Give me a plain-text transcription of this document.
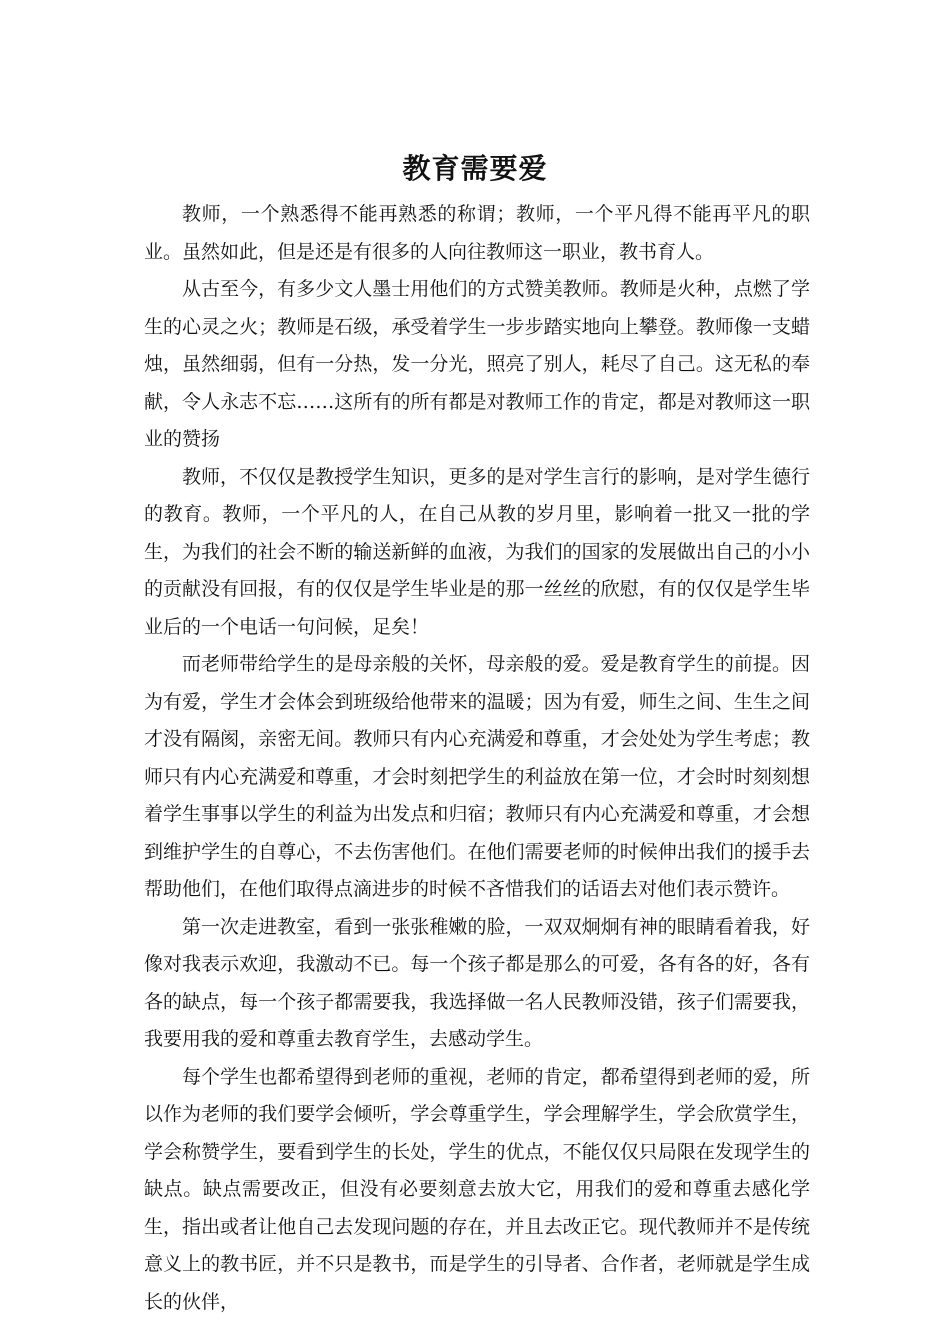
教育需要爱

教师，一个熟悉得不能再熟悉的称谓；教师，一个平凡得不能再平凡的职业。虽然如此，但是还是有很多的人向往教师这一职业，教书育人。

从古至今，有多少文人墨士用他们的方式赞美教师。教师是火种，点燃了学生的心灵之火；教师是石级，承受着学生一步步踏实地向上攀登。教师像一支蜡烛，虽然细弱，但有一分热，发一分光，照亮了别人，耗尽了自己。这无私的奉献，令人永志不忘……这所有的所有都是对教师工作的肯定，都是对教师这一职业的赞扬

教师，不仅仅是教授学生知识，更多的是对学生言行的影响，是对学生德行的教育。教师，一个平凡的人，在自己从教的岁月里，影响着一批又一批的学生，为我们的社会不断的输送新鲜的血液，为我们的国家的发展做出自己的小小的贡献没有回报，有的仅仅是学生毕业是的那一丝丝的欣慰，有的仅仅是学生毕业后的一个电话一句问候，足矣！

而老师带给学生的是母亲般的关怀，母亲般的爱。爱是教育学生的前提。因为有爱，学生才会体会到班级给他带来的温暖；因为有爱，师生之间、生生之间才没有隔阂，亲密无间。教师只有内心充满爱和尊重，才会处处为学生考虑；教师只有内心充满爱和尊重，才会时刻把学生的利益放在第一位，才会时时刻刻想着学生事事以学生的利益为出发点和归宿；教师只有内心充满爱和尊重，才会想到维护学生的自尊心，不去伤害他们。在他们需要老师的时候伸出我们的援手去帮助他们，在他们取得点滴进步的时候不吝惜我们的话语去对他们表示赞许。

第一次走进教室，看到一张张稚嫩的脸，一双双炯炯有神的眼睛看着我，好像对我表示欢迎，我激动不已。每一个孩子都是那么的可爱，各有各的好，各有各的缺点，每一个孩子都需要我，我选择做一名人民教师没错，孩子们需要我，我要用我的爱和尊重去教育学生，去感动学生。

每个学生也都希望得到老师的重视，老师的肯定，都希望得到老师的爱，所以作为老师的我们要学会倾听，学会尊重学生，学会理解学生，学会欣赏学生，学会称赞学生，要看到学生的长处，学生的优点，不能仅仅只局限在发现学生的缺点。缺点需要改正，但没有必要刻意去放大它，用我们的爱和尊重去感化学生，指出或者让他自己去发现问题的存在，并且去改正它。现代教师并不是传统意义上的教书匠，并不只是教书，而是学生的引导者、合作者，老师就是学生成长的伙伴，
